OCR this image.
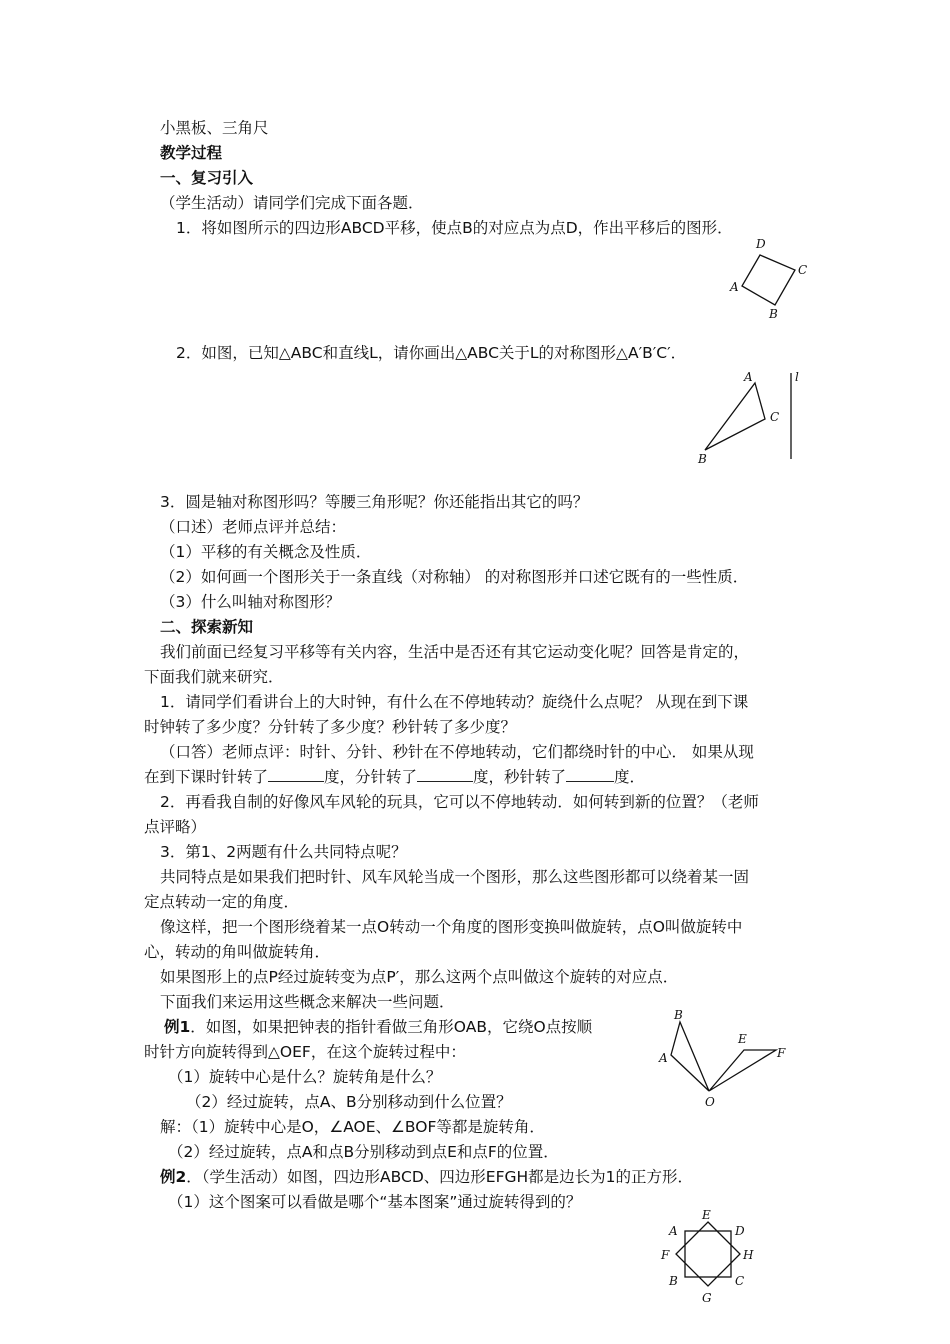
小黑板、三角尺
教学过程
一、复习引入
（学生活动）请同学们完成下面各题．
1．将如图所示的四边形ABCD平移，使点B的对应点为点D，作出平移后的图形．
D
C
A
B
2．如图，已知△ABC和直线L，请你画出△ABC关于L的对称图形△A′B′C′．
A
C
B
l
3．圆是轴对称图形吗？等腰三角形呢？你还能指出其它的吗？
（口述）老师点评并总结：
（1）平移的有关概念及性质．
（2）如何画一个图形关于一条直线（对称轴） 的对称图形并口述它既有的一些性质．
（3）什么叫轴对称图形？
二、探索新知
我们前面已经复习平移等有关内容，生活中是否还有其它运动变化呢？回答是肯定的，
下面我们就来研究．
1．请同学们看讲台上的大时钟，有什么在不停地转动？旋绕什么点呢？ 从现在到下课
时钟转了多少度？分针转了多少度？秒针转了多少度？
（口答）老师点评：时针、分针、秒针在不停地转动，它们都绕时针的中心． 如果从现
在到下课时针转了	度，分针转了	度，秒针转了	度．
2．再看我自制的好像风车风轮的玩具，它可以不停地转动．如何转到新的位置？（老师
点评略）
3．第1、2两题有什么共同特点呢？
共同特点是如果我们把时针、风车风轮当成一个图形，那么这些图形都可以绕着某一固
定点转动一定的角度．
像这样，把一个图形绕着某一点O转动一个角度的图形变换叫做旋转，点O叫做旋转中
心，转动的角叫做旋转角．
如果图形上的点P经过旋转变为点P′，那么这两个点叫做这个旋转的对应点．
下面我们来运用这些概念来解决一些问题．
例1．如图，如果把钟表的指针看做三角形OAB，它绕O点按顺
时针方向旋转得到△OEF，在这个旋转过程中：
（1）旋转中心是什么？旋转角是什么？
（2）经过旋转，点A、B分别移动到什么位置？
B
A
E
F
O
解：（1）旋转中心是O，∠AOE、∠BOF等都是旋转角．
（2）经过旋转，点A和点B分别移动到点E和点F的位置．
例2．（学生活动）如图，四边形ABCD、四边形EFGH都是边长为1的正方形．
（1）这个图案可以看做是哪个“基本图案”通过旋转得到的？
A
E
D
F	H
B	C
G
